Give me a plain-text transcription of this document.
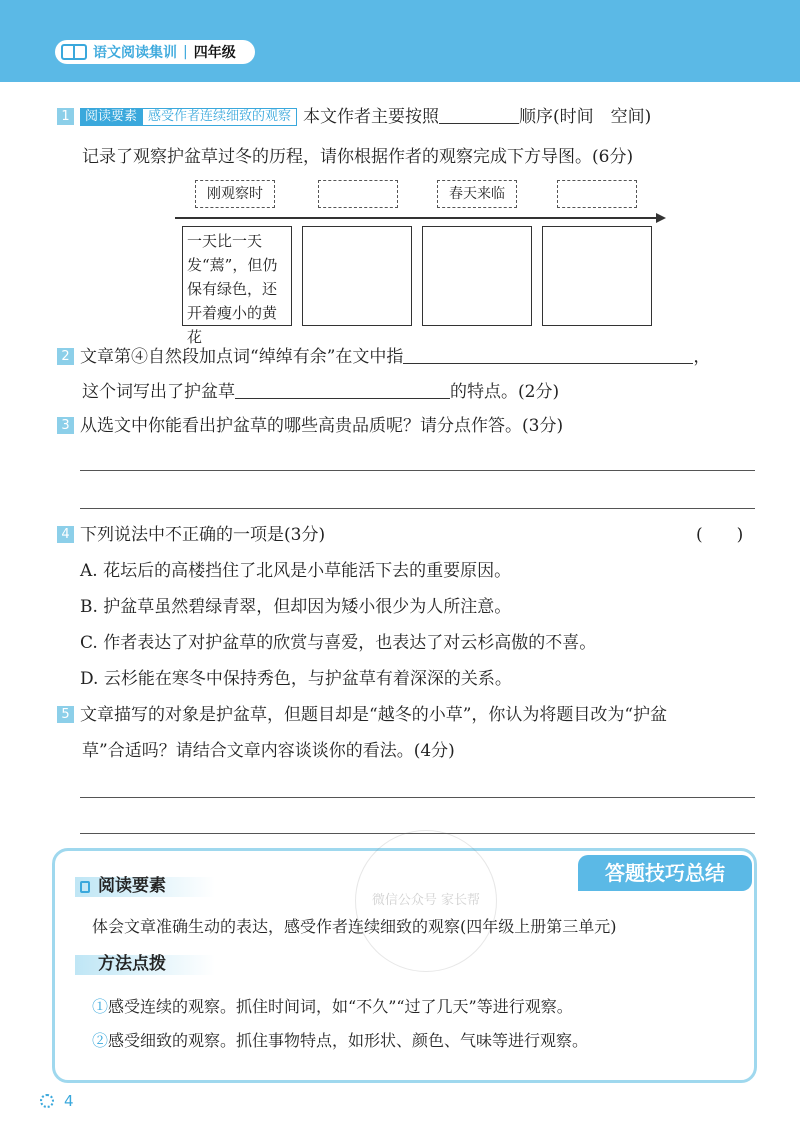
语文阅读集训 | 四年级
1 阅读要素 感受作者连续细致的观察 本文作者主要按照	顺序(时间　空间)
记录了观察护盆草过冬的历程，请你根据作者的观察完成下方导图。(6分)
刚观察时	春天来临
一天比一天发“蔫”，但仍保有绿色，还开着瘦小的黄花
2 文章第④自然段加点词“绰绰有余”在文中指	，
这个词写出了护盆草	的特点。(2分)
3 从选文中你能看出护盆草的哪些高贵品质呢？请分点作答。(3分)
4 下列说法中不正确的一项是(3分)	(　　)
A. 花坛后的高楼挡住了北风是小草能活下去的重要原因。
B. 护盆草虽然碧绿青翠，但却因为矮小很少为人所注意。
C. 作者表达了对护盆草的欣赏与喜爱，也表达了对云杉高傲的不喜。
D. 云杉能在寒冬中保持秀色，与护盆草有着深深的关系。
5 文章描写的对象是护盆草，但题目却是“越冬的小草”，你认为将题目改为“护盆
草”合适吗？请结合文章内容谈谈你的看法。(4分)
答题技巧总结
微信公众号 家长帮
阅读要素
体会文章准确生动的表达，感受作者连续细致的观察(四年级上册第三单元)
方法点拨
①感受连续的观察。抓住时间词，如“不久”“过了几天”等进行观察。
②感受细致的观察。抓住事物特点，如形状、颜色、气味等进行观察。
4
